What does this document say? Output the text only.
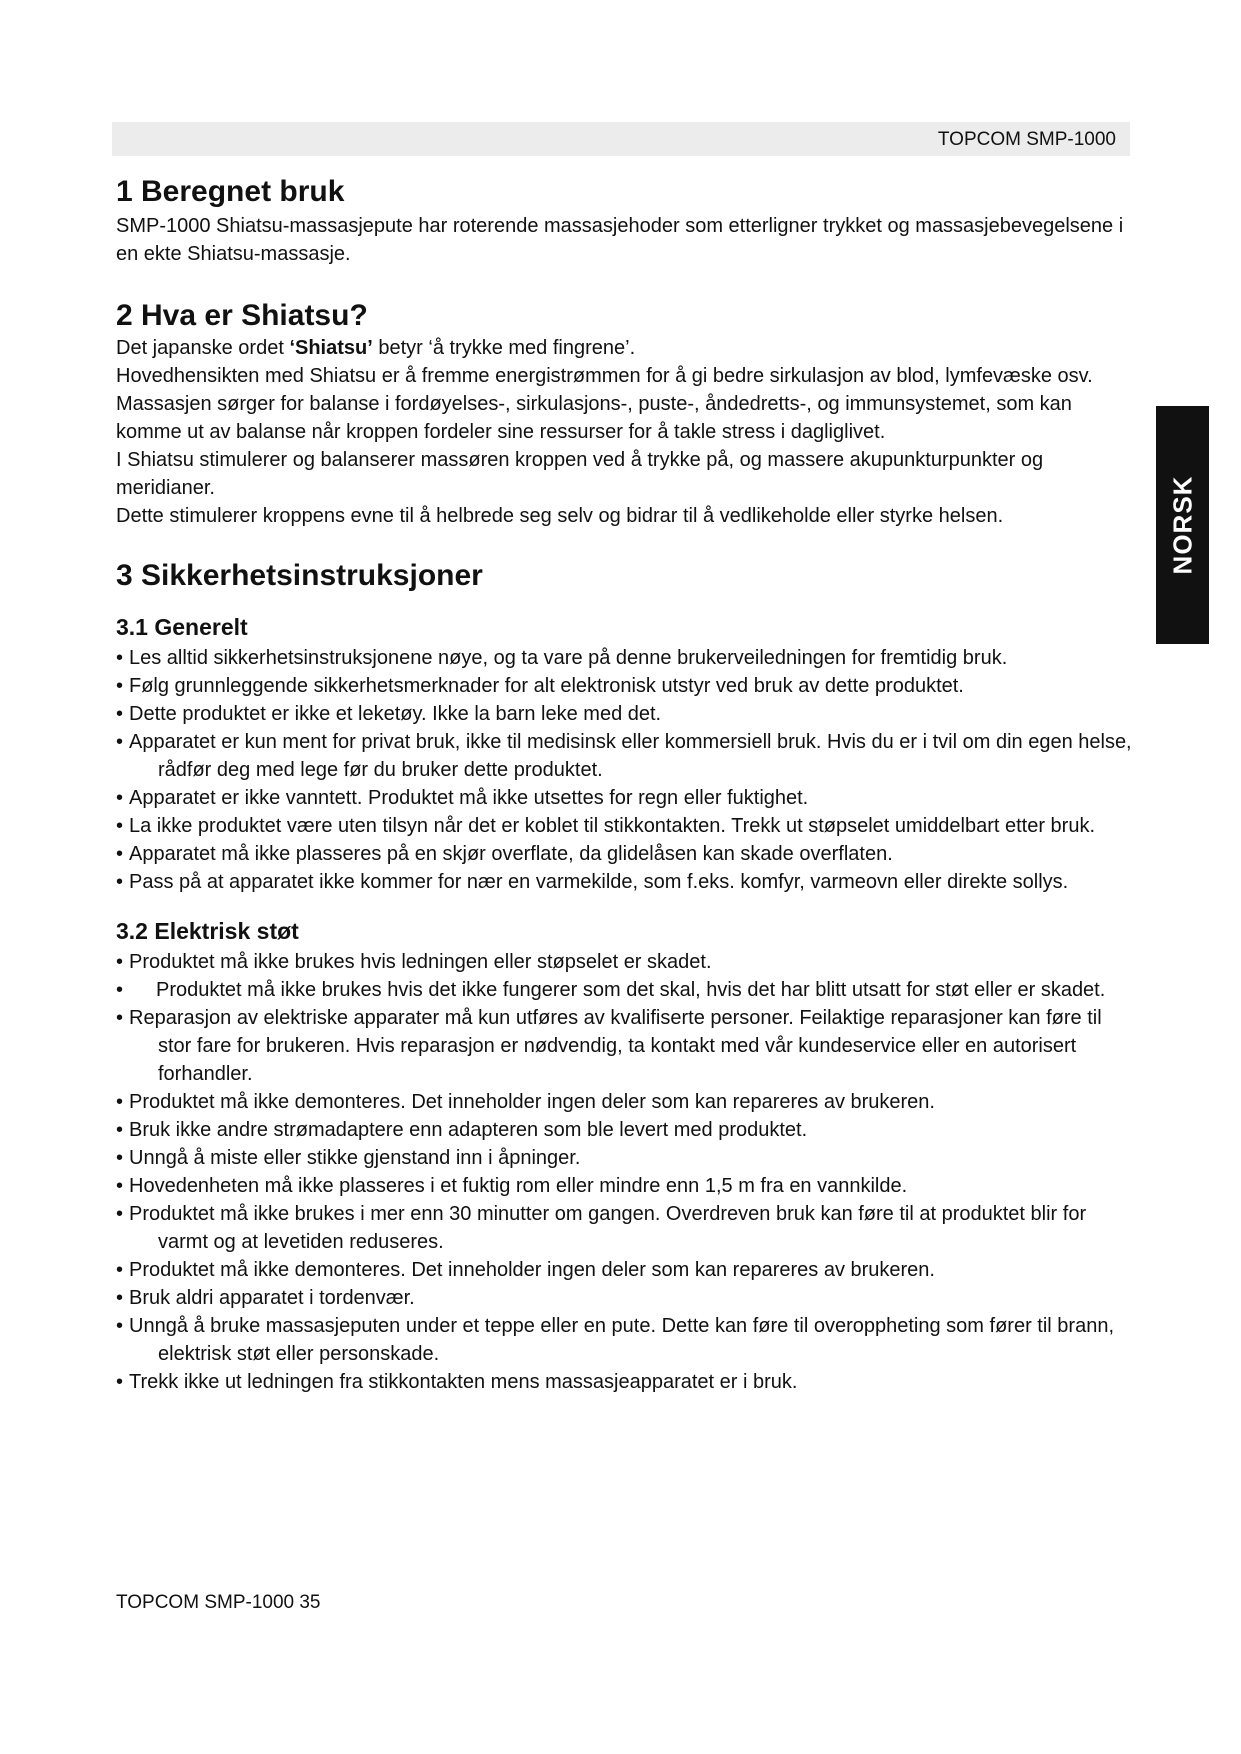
TOPCOM SMP-1000
NORSK
1 Beregnet bruk

SMP-1000 Shiatsu-massasjepute har roterende massasjehoder som etterligner trykket og massasjebevegelsene i en ekte Shiatsu-massasje.

2 Hva er Shiatsu?

Det japanske ordet ‘Shiatsu’ betyr ‘å trykke med fingrene’.

Hovedhensikten med Shiatsu er å fremme energistrømmen for å gi bedre sirkulasjon av blod, lymfevæske osv. Massasjen sørger for balanse i fordøyelses-, sirkulasjons-, puste-, åndedretts-, og immunsystemet, som kan komme ut av balanse når kroppen fordeler sine ressurser for å takle stress i dagliglivet.

I Shiatsu stimulerer og balanserer massøren kroppen ved å trykke på, og massere akupunkturpunkter og meridianer.

Dette stimulerer kroppens evne til å helbrede seg selv og bidrar til å vedlikeholde eller styrke helsen.

3 Sikkerhetsinstruksjoner
3.1 Generelt
• Les alltid sikkerhetsinstruksjonene nøye, og ta vare på denne brukerveiledningen for fremtidig bruk.
• Følg grunnleggende sikkerhetsmerknader for alt elektronisk utstyr ved bruk av dette produktet.
• Dette produktet er ikke et leketøy. Ikke la barn leke med det.
• Apparatet er kun ment for privat bruk, ikke til medisinsk eller kommersiell bruk. Hvis du er i tvil om din egen helse, rådfør deg med lege før du bruker dette produktet.
• Apparatet er ikke vanntett. Produktet må ikke utsettes for regn eller fuktighet.
• La ikke produktet være uten tilsyn når det er koblet til stikkontakten. Trekk ut støpselet umiddelbart etter bruk.
• Apparatet må ikke plasseres på en skjør overflate, da glidelåsen kan skade overflaten.
• Pass på at apparatet ikke kommer for nær en varmekilde, som f.eks. komfyr, varmeovn eller direkte sollys.
3.2 Elektrisk støt
• Produktet må ikke brukes hvis ledningen eller støpselet er skadet.
• Produktet må ikke brukes hvis det ikke fungerer som det skal, hvis det har blitt utsatt for støt eller er skadet.
• Reparasjon av elektriske apparater må kun utføres av kvalifiserte personer. Feilaktige reparasjoner kan føre til stor fare for brukeren. Hvis reparasjon er nødvendig, ta kontakt med vår kundeservice eller en autorisert forhandler.
• Produktet må ikke demonteres. Det inneholder ingen deler som kan repareres av brukeren.
• Bruk ikke andre strømadaptere enn adapteren som ble levert med produktet.
• Unngå å miste eller stikke gjenstand inn i åpninger.
• Hovedenheten må ikke plasseres i et fuktig rom eller mindre enn 1,5 m fra en vannkilde.
• Produktet må ikke brukes i mer enn 30 minutter om gangen. Overdreven bruk kan føre til at produktet blir for varmt og at levetiden reduseres.
• Produktet må ikke demonteres. Det inneholder ingen deler som kan repareres av brukeren.
• Bruk aldri apparatet i tordenvær.
• Unngå å bruke massasjeputen under et teppe eller en pute. Dette kan føre til overoppheting som fører til brann, elektrisk støt eller personskade.
• Trekk ikke ut ledningen fra stikkontakten mens massasjeapparatet er i bruk.
TOPCOM SMP-1000 35
